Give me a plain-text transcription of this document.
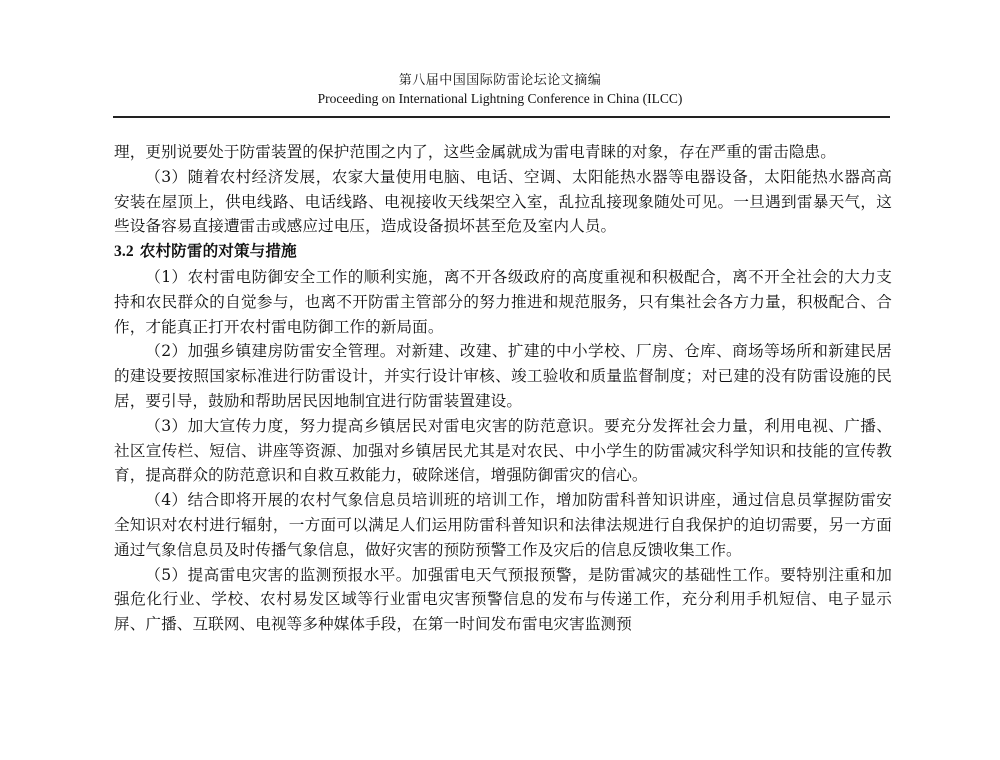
第八届中国国际防雷论坛论文摘编
Proceeding on International Lightning Conference in China (ILCC)

理，更别说要处于防雷装置的保护范围之内了，这些金属就成为雷电青睐的对象，存在严重的雷击隐患。

（3）随着农村经济发展，农家大量使用电脑、电话、空调、太阳能热水器等电器设备，太阳能热水器高高安装在屋顶上，供电线路、电话线路、电视接收天线架空入室，乱拉乱接现象随处可见。一旦遇到雷暴天气，这些设备容易直接遭雷击或感应过电压，造成设备损坏甚至危及室内人员。

3.2 农村防雷的对策与措施

（1）农村雷电防御安全工作的顺利实施，离不开各级政府的高度重视和积极配合，离不开全社会的大力支持和农民群众的自觉参与，也离不开防雷主管部分的努力推进和规范服务，只有集社会各方力量，积极配合、合作，才能真正打开农村雷电防御工作的新局面。

（2）加强乡镇建房防雷安全管理。对新建、改建、扩建的中小学校、厂房、仓库、商场等场所和新建民居的建设要按照国家标准进行防雷设计，并实行设计审核、竣工验收和质量监督制度；对已建的没有防雷设施的民居，要引导，鼓励和帮助居民因地制宜进行防雷装置建设。

（3）加大宣传力度，努力提高乡镇居民对雷电灾害的防范意识。要充分发挥社会力量，利用电视、广播、社区宣传栏、短信、讲座等资源、加强对乡镇居民尤其是对农民、中小学生的防雷减灾科学知识和技能的宣传教育，提高群众的防范意识和自救互救能力，破除迷信，增强防御雷灾的信心。

（4）结合即将开展的农村气象信息员培训班的培训工作，增加防雷科普知识讲座，通过信息员掌握防雷安全知识对农村进行辐射，一方面可以满足人们运用防雷科普知识和法律法规进行自我保护的迫切需要，另一方面通过气象信息员及时传播气象信息，做好灾害的预防预警工作及灾后的信息反馈收集工作。

（5）提高雷电灾害的监测预报水平。加强雷电天气预报预警，是防雷减灾的基础性工作。要特别注重和加强危化行业、学校、农村易发区域等行业雷电灾害预警信息的发布与传递工作，充分利用手机短信、电子显示屏、广播、互联网、电视等多种媒体手段，在第一时间发布雷电灾害监测预
